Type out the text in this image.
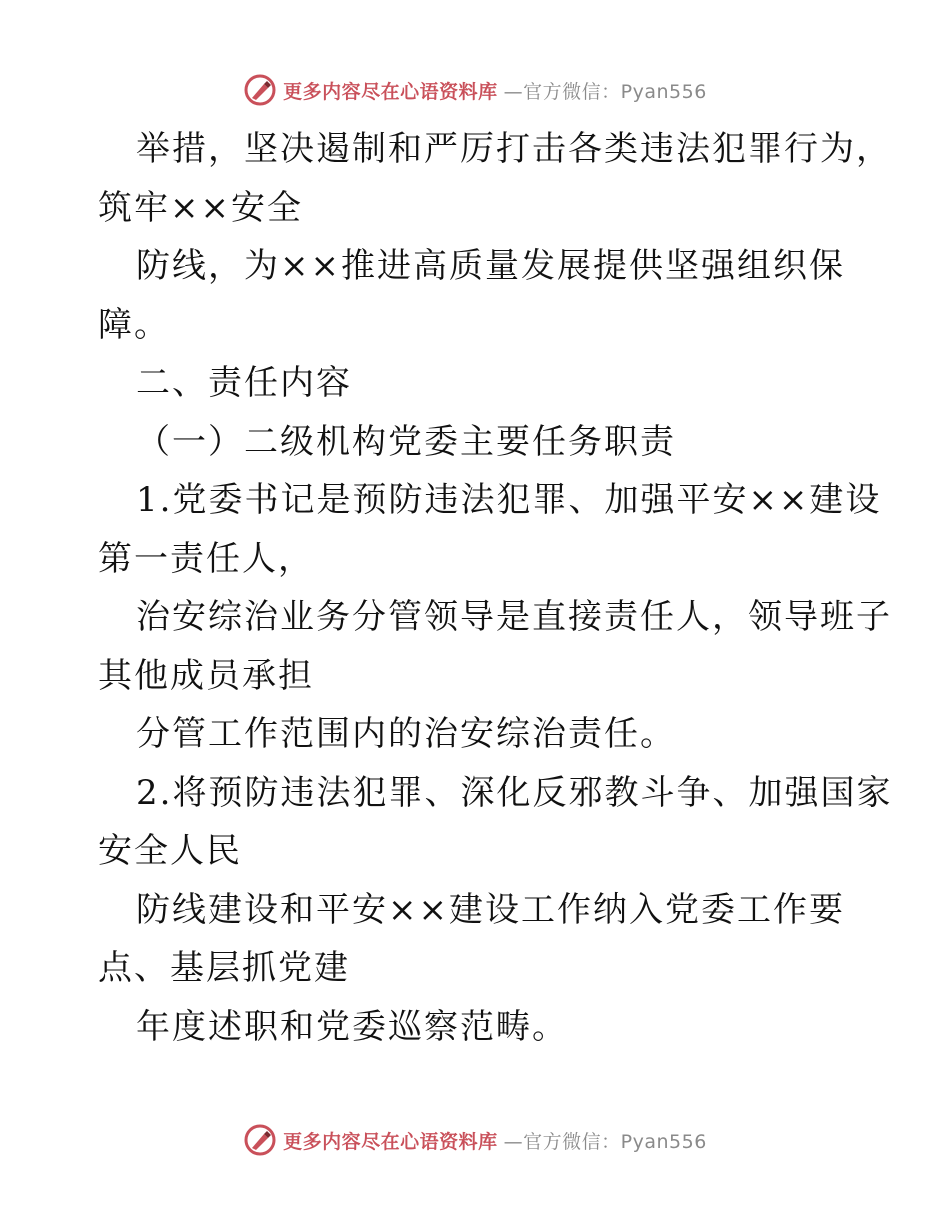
更多内容尽在心语资料库 —官方微信：Pyan556
举措，坚决遏制和严厉打击各类违法犯罪行为，
筑牢××安全
防线，为××推进高质量发展提供坚强组织保
障。
二、责任内容
（一）二级机构党委主要任务职责
1.党委书记是预防违法犯罪、加强平安××建设
第一责任人，
治安综治业务分管领导是直接责任人，领导班子
其他成员承担
分管工作范围内的治安综治责任。
2.将预防违法犯罪、深化反邪教斗争、加强国家
安全人民
防线建设和平安××建设工作纳入党委工作要
点、基层抓党建
年度述职和党委巡察范畴。
更多内容尽在心语资料库 —官方微信：Pyan556
